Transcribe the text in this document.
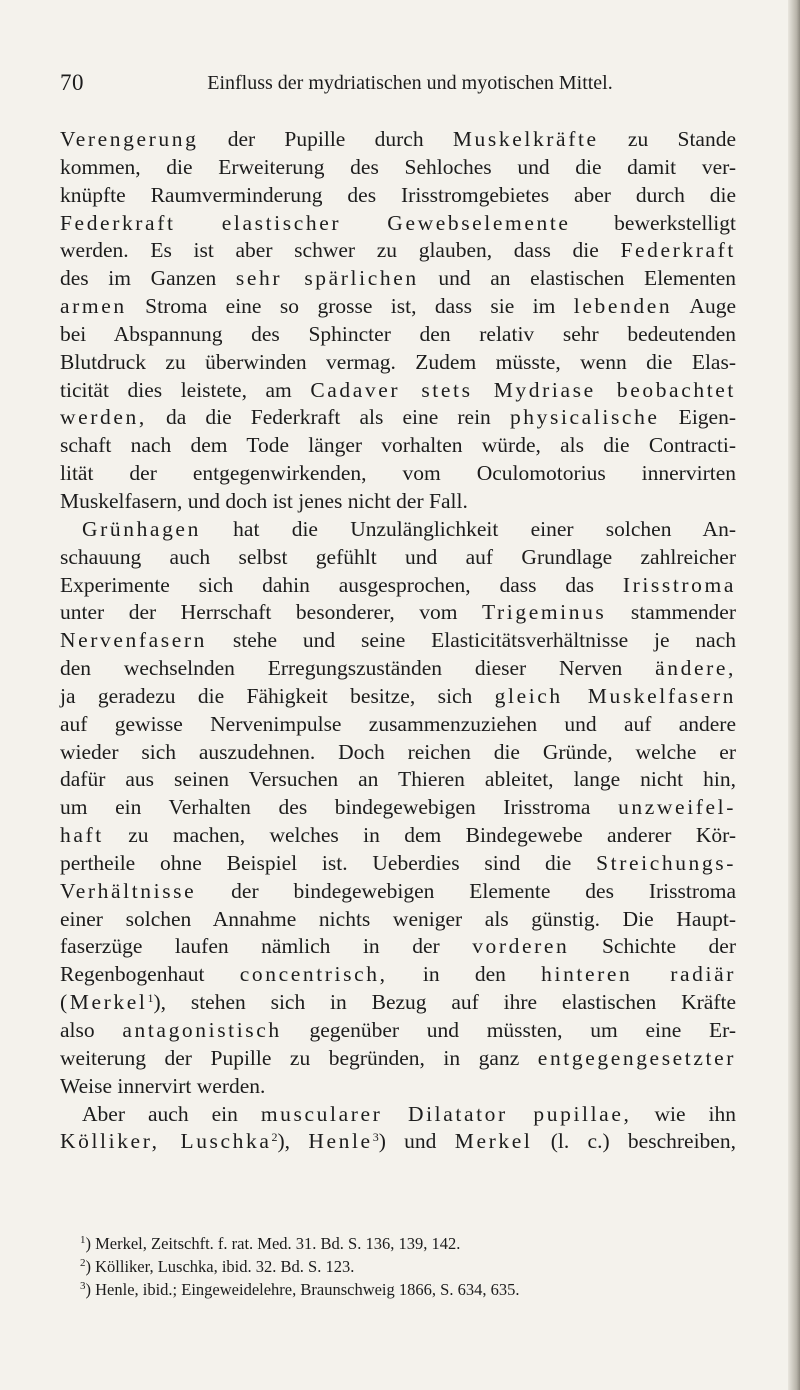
70	Einfluss der mydriatischen und myotischen Mittel.
Verengerung der Pupille durch Muskelkräfte zu Stande
kommen, die Erweiterung des Sehloches und die damit ver-
knüpfte Raumverminderung des Irisstromgebietes aber durch die
Federkraft elastischer Gewebselemente bewerkstelligt
werden. Es ist aber schwer zu glauben, dass die Federkraft
des im Ganzen sehr spärlichen und an elastischen Elementen
armen Stroma eine so grosse ist, dass sie im lebenden Auge
bei Abspannung des Sphincter den relativ sehr bedeutenden
Blutdruck zu überwinden vermag. Zudem müsste, wenn die Elas-
ticität dies leistete, am Cadaver stets Mydriase beobachtet
werden, da die Federkraft als eine rein physicalische Eigen-
schaft nach dem Tode länger vorhalten würde, als die Contracti-
lität der entgegenwirkenden, vom Oculomotorius innervirten
Muskelfasern, und doch ist jenes nicht der Fall.
Grünhagen hat die Unzulänglichkeit einer solchen An-
schauung auch selbst gefühlt und auf Grundlage zahlreicher
Experimente sich dahin ausgesprochen, dass das Irisstroma
unter der Herrschaft besonderer, vom Trigeminus stammender
Nervenfasern stehe und seine Elasticitätsverhältnisse je nach
den wechselnden Erregungszuständen dieser Nerven ändere,
ja geradezu die Fähigkeit besitze, sich gleich Muskelfasern
auf gewisse Nervenimpulse zusammenzuziehen und auf andere
wieder sich auszudehnen. Doch reichen die Gründe, welche er
dafür aus seinen Versuchen an Thieren ableitet, lange nicht hin,
um ein Verhalten des bindegewebigen Irisstroma unzweifel-
haft zu machen, welches in dem Bindegewebe anderer Kör-
pertheile ohne Beispiel ist. Ueberdies sind die Streichungs-
Verhältnisse der bindegewebigen Elemente des Irisstroma
einer solchen Annahme nichts weniger als günstig. Die Haupt-
faserzüge laufen nämlich in der vorderen Schichte der
Regenbogenhaut concentrisch, in den hinteren radiär
(Merkel$^1$), stehen sich in Bezug auf ihre elastischen Kräfte
also antagonistisch gegenüber und müssten, um eine Er-
weiterung der Pupille zu begründen, in ganz entgegengesetzter
Weise innervirt werden.
Aber auch ein muscularer Dilatator pupillae, wie ihn
Kölliker, Luschka$^2$), Henle$^3$) und Merkel (l. c.) beschreiben,
$^1$) Merkel, Zeitschft. f. rat. Med. 31. Bd. S. 136, 139, 142.
$^2$) Kölliker, Luschka, ibid. 32. Bd. S. 123.
$^3$) Henle, ibid.; Eingeweidelehre, Braunschweig 1866, S. 634, 635.
